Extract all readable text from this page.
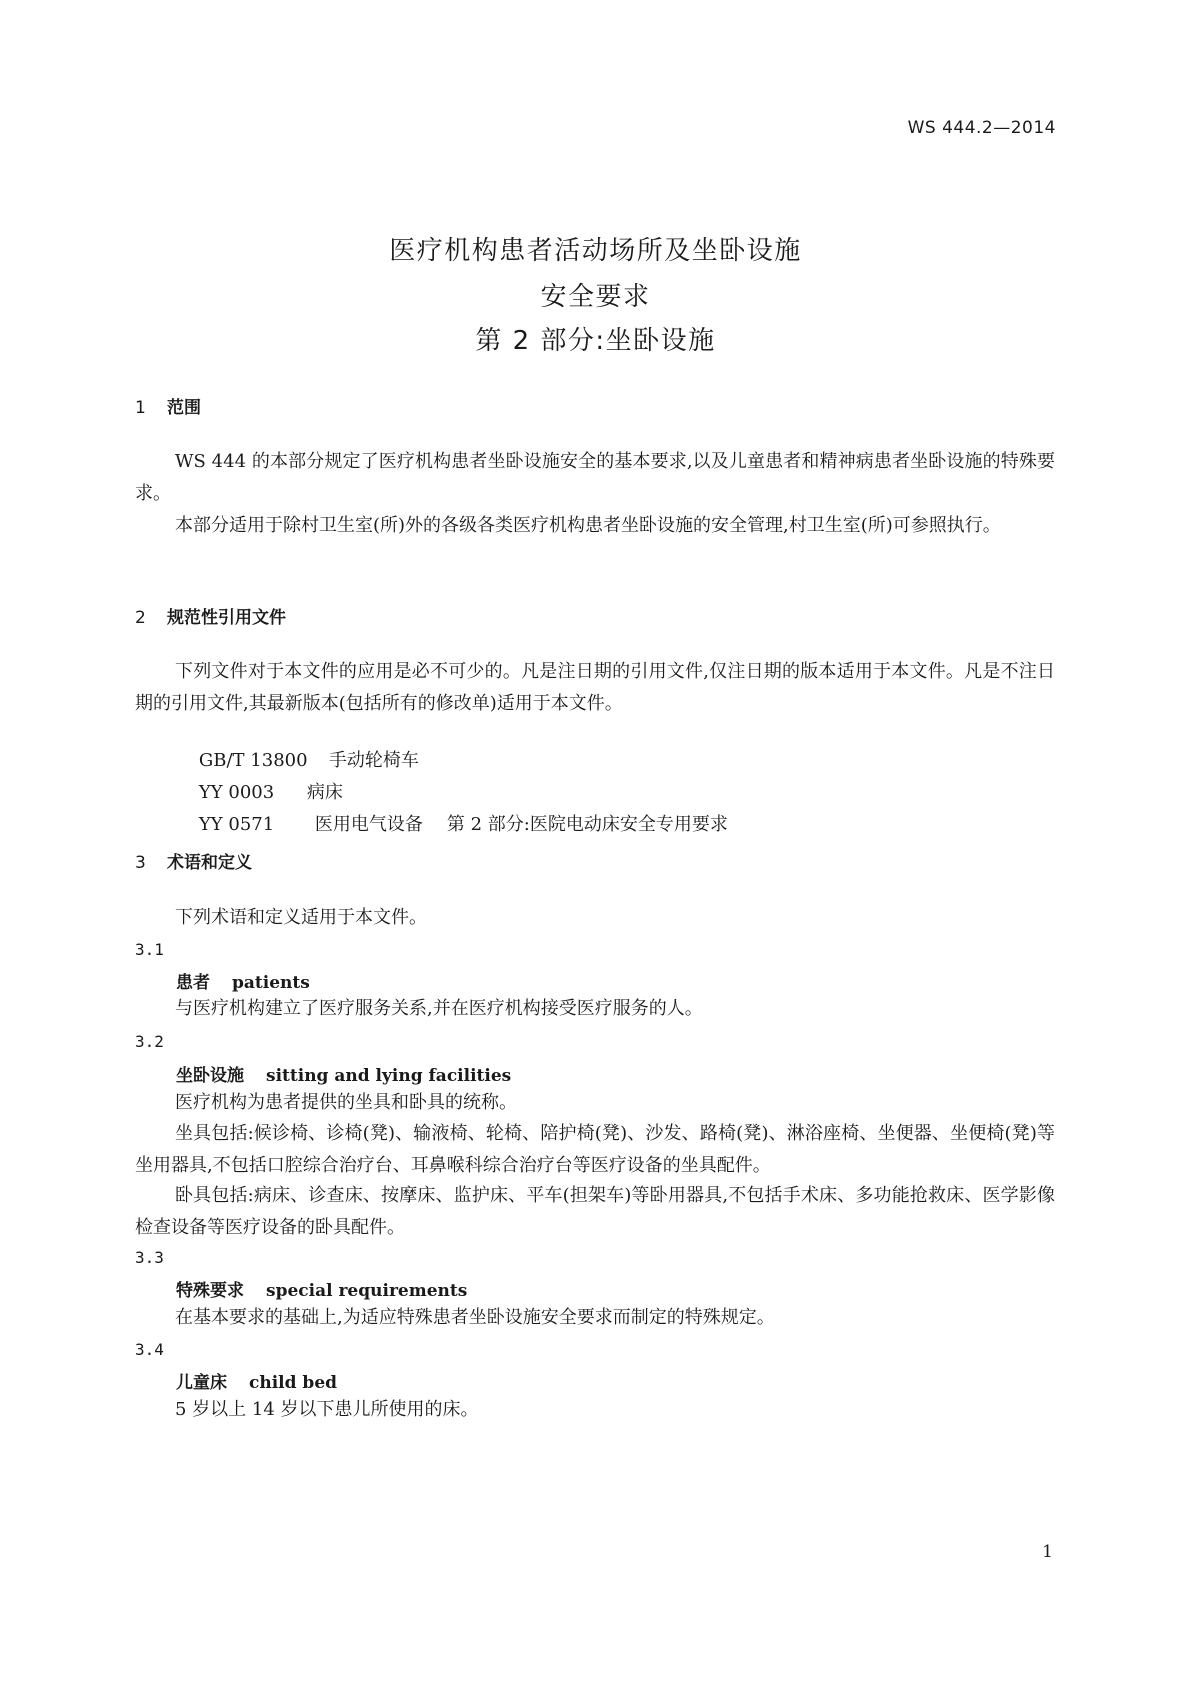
WS 444.2—2014
医疗机构患者活动场所及坐卧设施
安全要求
第 2 部分:坐卧设施
1 范围
WS 444 的本部分规定了医疗机构患者坐卧设施安全的基本要求,以及儿童患者和精神病患者坐卧设施的特殊要求。
本部分适用于除村卫生室(所)外的各级各类医疗机构患者坐卧设施的安全管理,村卫生室(所)可参照执行。
2 规范性引用文件
下列文件对于本文件的应用是必不可少的。凡是注日期的引用文件,仅注日期的版本适用于本文件。凡是不注日期的引用文件,其最新版本(包括所有的修改单)适用于本文件。

GB/T 13800 手动轮椅车

YY 0003 病床

YY 0571 医用电气设备 第 2 部分:医院电动床安全专用要求

3 术语和定义
下列术语和定义适用于本文件。
3.1
患者 patients
与医疗机构建立了医疗服务关系,并在医疗机构接受医疗服务的人。
3.2
坐卧设施 sitting and lying facilities
医疗机构为患者提供的坐具和卧具的统称。
坐具包括:候诊椅、诊椅(凳)、输液椅、轮椅、陪护椅(凳)、沙发、路椅(凳)、淋浴座椅、坐便器、坐便椅(凳)等坐用器具,不包括口腔综合治疗台、耳鼻喉科综合治疗台等医疗设备的坐具配件。
卧具包括:病床、诊查床、按摩床、监护床、平车(担架车)等卧用器具,不包括手术床、多功能抢救床、医学影像检查设备等医疗设备的卧具配件。
3.3
特殊要求 special requirements
在基本要求的基础上,为适应特殊患者坐卧设施安全要求而制定的特殊规定。
3.4
儿童床 child bed
5 岁以上 14 岁以下患儿所使用的床。
1
